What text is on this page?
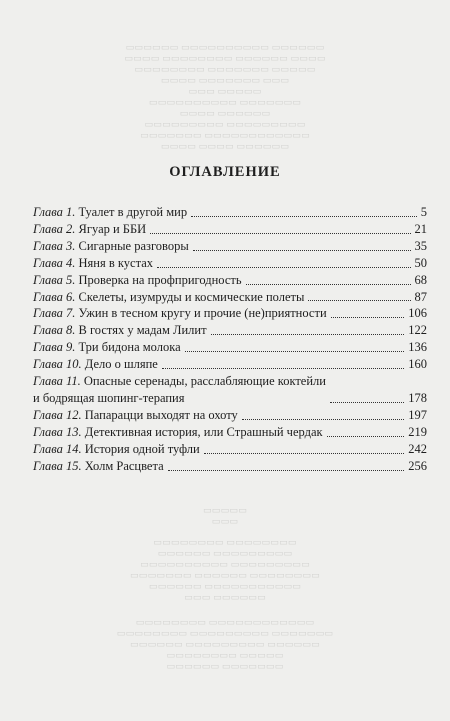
▭▭▭▭▭▭ ▭▭▭▭▭▭▭▭▭▭ ▭▭▭▭▭▭
▭▭▭▭ ▭▭▭▭▭▭▭▭ ▭▭▭▭▭▭ ▭▭▭▭
▭▭▭▭▭▭▭▭ ▭▭▭▭▭▭▭ ▭▭▭▭▭
▭▭▭▭ ▭▭▭▭▭▭▭ ▭▭▭
▭▭▭ ▭▭▭▭▭
▭▭▭▭▭▭▭▭▭▭ ▭▭▭▭▭▭▭
▭▭▭▭ ▭▭▭▭▭▭
▭▭▭▭▭▭▭▭▭ ▭▭▭▭▭▭▭▭▭
▭▭▭▭▭▭▭ ▭▭▭▭▭▭▭▭▭▭▭▭
▭▭▭▭ ▭▭▭▭ ▭▭▭▭▭▭
▭▭▭▭▭
▭▭▭
▭▭▭▭▭▭▭▭ ▭▭▭▭▭▭▭▭
▭▭▭▭▭▭ ▭▭▭▭▭▭▭▭▭
▭▭▭▭▭▭▭▭▭▭ ▭▭▭▭▭▭▭▭▭
▭▭▭▭▭▭▭ ▭▭▭▭▭▭ ▭▭▭▭▭▭▭▭
▭▭▭▭▭▭ ▭▭▭▭▭▭▭▭▭▭▭
▭▭▭ ▭▭▭▭▭▭
▭▭▭▭▭▭▭▭ ▭▭▭▭▭▭▭▭▭▭▭▭
▭▭▭▭▭▭▭▭ ▭▭▭▭▭▭▭▭▭ ▭▭▭▭▭▭▭
▭▭▭▭▭▭ ▭▭▭▭▭▭▭▭▭ ▭▭▭▭▭▭
▭▭▭▭▭▭▭▭ ▭▭▭▭▭
▭▭▭▭▭▭ ▭▭▭▭▭▭▭
ОГЛАВЛЕНИЕ
Глава 1. Туалет в другой мир	5
Глава 2. Ягуар и ББИ	21
Глава 3. Сигарные разговоры	35
Глава 4. Няня в кустах	50
Глава 5. Проверка на профпригодность	68
Глава 6. Скелеты, изумруды и космические полеты	87
Глава 7. Ужин в тесном кругу и прочие (не)приятности	106
Глава 8. В гостях у мадам Лилит	122
Глава 9. Три бидона молока	136
Глава 10. Дело о шляпе	160
Глава 11. Опасные серенады, расслабляющие коктейли
и бодрящая шопинг-терапия	178
Глава 12. Папарацци выходят на охоту	197
Глава 13. Детективная история, или Страшный чердак	219
Глава 14. История одной туфли	242
Глава 15. Холм Расцвета	256
